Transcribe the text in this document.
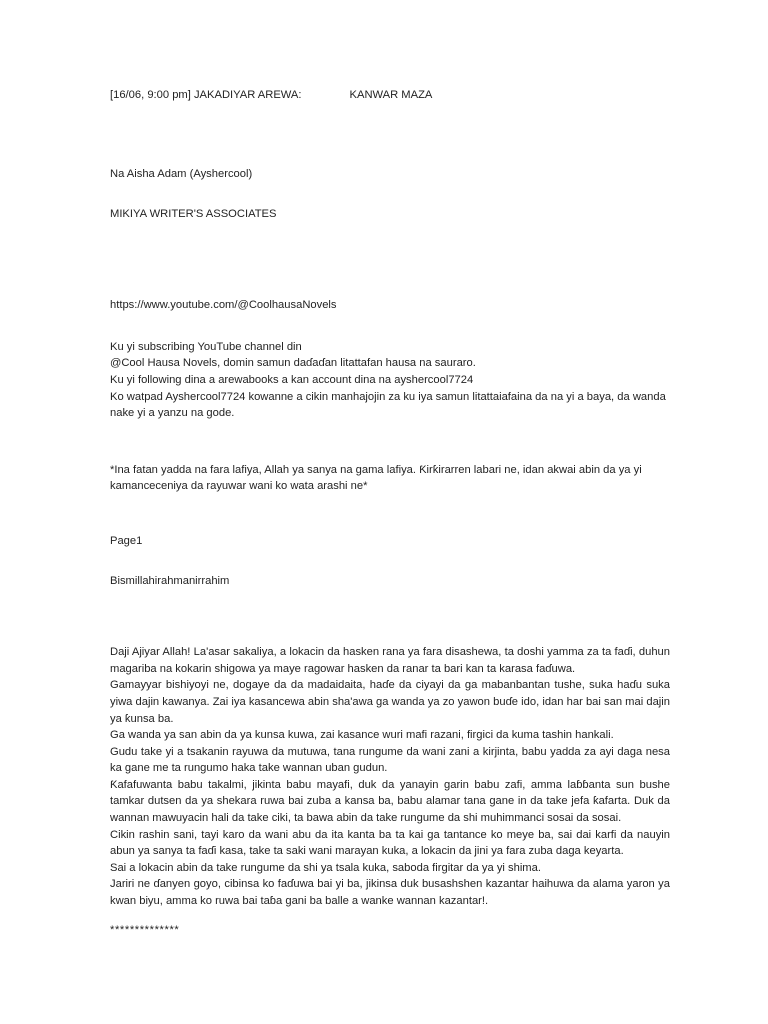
[16/06, 9:00 pm] JAKADIYAR AREWA:	KANWAR MAZA
Na Aisha Adam (Ayshercool)
MIKIYA WRITER'S ASSOCIATES
https://www.youtube.com/@CoolhausaNovels
Ku yi subscribing YouTube channel din
@Cool Hausa Novels, domin samun daɗaɗan litattafan hausa na sauraro.
Ku yi following dina a arewabooks a kan account dina na ayshercool7724
Ko watpad Ayshercool7724 kowanne a cikin manhajojin za ku iya samun litattaiafaina da na yi a baya, da wanda nake yi a yanzu na gode.
*Ina fatan yadda na fara lafiya, Allah ya sanya na gama lafiya. Ƙirƙirarren labari ne, idan akwai abin da ya yi kamanceceniya da rayuwar wani ko wata arashi ne*
Page1
Bismillahirahmanirrahim

Daji Ajiyar Allah! La'asar sakaliya, a lokacin da hasken rana ya fara disashewa, ta doshi yamma za ta faɗi, duhun magariba na kokarin shigowa ya maye ragowar hasken da ranar ta bari kan ta karasa faɗuwa.

Gamayyar bishiyoyi ne, dogaye da da madaidaita, haɗe da ciyayi da ga mabanbantan tushe, suka haɗu suka yiwa dajin kawanya. Zai iya kasancewa abin sha'awa ga wanda ya zo yawon buɗe ido, idan har bai san mai dajin ya ƙunsa ba.

Ga wanda ya san abin da ya kunsa kuwa, zai kasance wuri mafi razani, firgici da kuma tashin hankali.

Gudu take yi a tsakanin rayuwa da mutuwa, tana rungume da wani zani a kirjinta, babu yadda za ayi daga nesa ka gane me ta rungumo haka take wannan uban gudun.

Ƙafafuwanta babu takalmi, jikinta babu mayafi, duk da yanayin garin babu zafi, amma laɓɓanta sun bushe tamkar dutsen da ya shekara ruwa bai zuba a kansa ba, babu alamar tana gane in da take jefa ƙafarta. Duk da wannan mawuyacin hali da take ciki, ta bawa abin da take rungume da shi muhimmanci sosai da sosai.

Cikin rashin sani, tayi karo da wani abu da ita kanta ba ta kai ga tantance ko meye ba, sai dai karfi da nauyin abun ya sanya ta faɗi kasa, take ta saki wani marayan kuka, a lokacin da jini ya fara zuba daga keyarta.

Sai a lokacin abin da take rungume da shi ya tsala kuka, saboda firgitar da ya yi shima.

Jariri ne ɗanyen goyo, cibinsa ko faɗuwa bai yi ba, jikinsa duk busashshen kazantar haihuwa da alama yaron ya kwan biyu, amma ko ruwa bai taɓa gani ba balle a wanke wannan kazantar!.

**************
